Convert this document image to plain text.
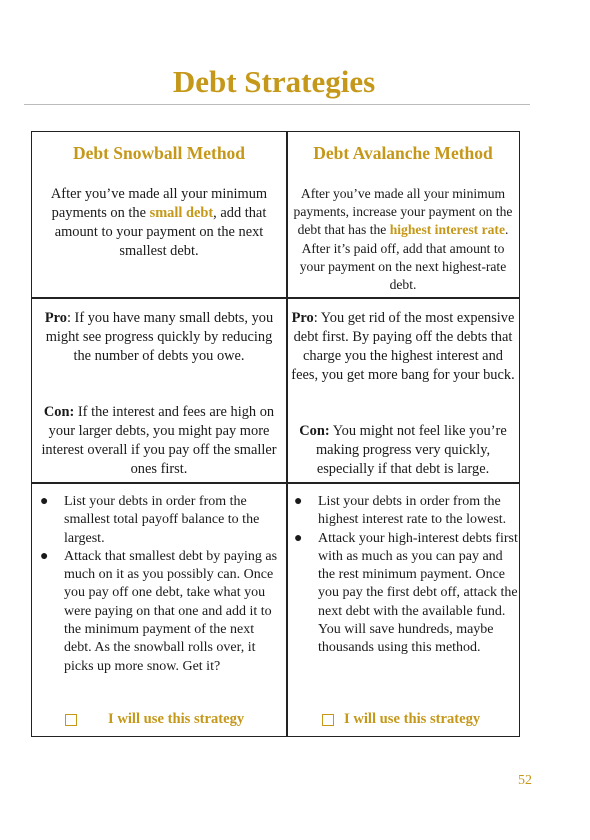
Debt Strategies
Debt Snowball Method
After you’ve made all your minimum payments on the small debt, add that amount to your payment on the next smallest debt.
Debt Avalanche Method
After you’ve made all your minimum payments, increase your payment on the debt that has the highest interest rate. After it’s paid off, add that amount to your payment on the next highest-rate debt.
Pro: If you have many small debts, you might see progress quickly by reducing the number of debts you owe.
Con: If the interest and fees are high on your larger debts, you might pay more interest overall if you pay off the smaller ones first.
Pro: You get rid of the most expensive debt first. By paying off the debts that charge you the highest interest and fees, you get more bang for your buck.
Con: You might not feel like you’re making progress very quickly, especially if that debt is large.
● List your debts in order from the smallest total payoff balance to the largest.
● Attack that smallest debt by paying as much on it as you possibly can. Once you pay off one debt, take what you were paying on that one and add it to the minimum payment of the next debt. As the snowball rolls over, it picks up more snow. Get it?
I will use this strategy
● List your debts in order from the highest interest rate to the lowest.
● Attack your high-interest debts first with as much as you can pay and the rest minimum payment. Once you pay the first debt off, attack the next debt with the available fund. You will save hundreds, maybe thousands using this method.
I will use this strategy
52
